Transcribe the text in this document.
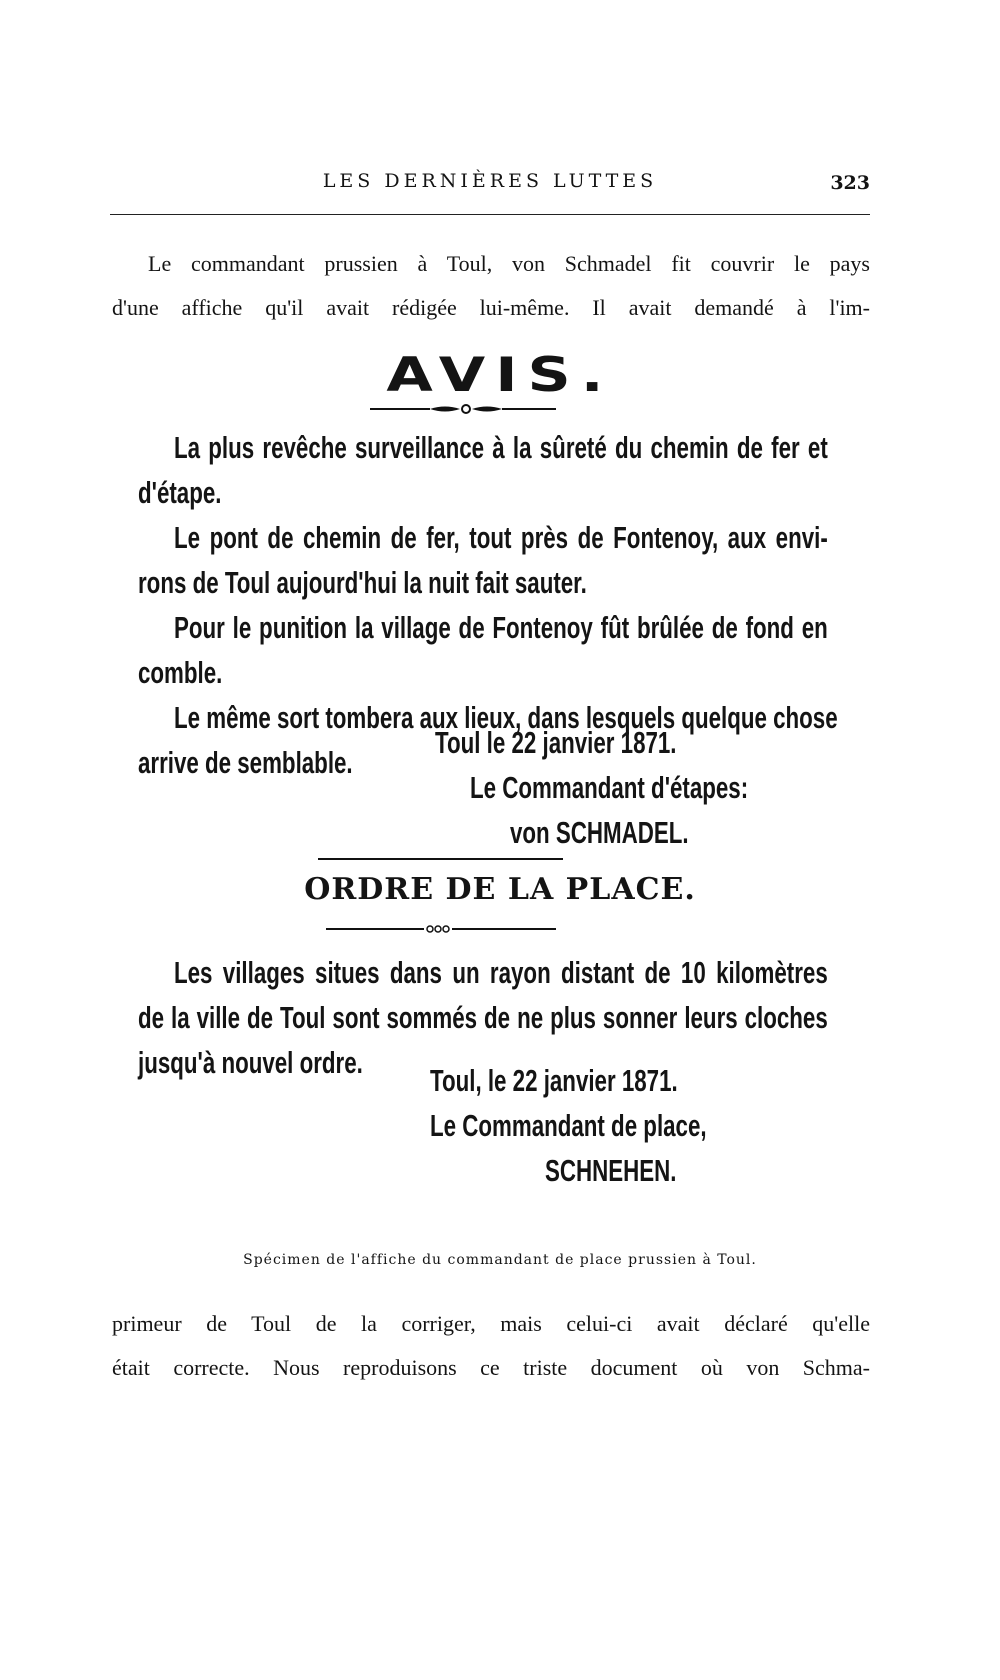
LES DERNIÈRES LUTTES	323

Le commandant prussien à Toul, von Schmadel fit couvrir le pays
d'une affiche qu'il avait rédigée lui-même. Il avait demandé à l'im-

AVIS.
La plus revêche surveillance à la sûreté du chemin de fer et
d'étape.
Le pont de chemin de fer, tout près de Fontenoy, aux envi-
rons de Toul aujourd'hui la nuit fait sauter.
Pour le punition la village de Fontenoy fût brûlée de fond en
comble.
Le même sort tombera aux lieux, dans lesquels quelque chose
arrive de semblable.
Toul le 22 janvier 1871.
Le Commandant d'étapes:
von SCHMADEL.
ORDRE DE LA PLACE.
Les villages situes dans un rayon distant de 10 kilomètres
de la ville de Toul sont sommés de ne plus sonner leurs cloches
jusqu'à nouvel ordre.
Toul, le 22 janvier 1871.
Le Commandant de place,
SCHNEHEN.
Spécimen de l'affiche du commandant de place prussien à Toul.

primeur de Toul de la corriger, mais celui-ci avait déclaré qu'elle
était correcte. Nous reproduisons ce triste document où von Schma-
